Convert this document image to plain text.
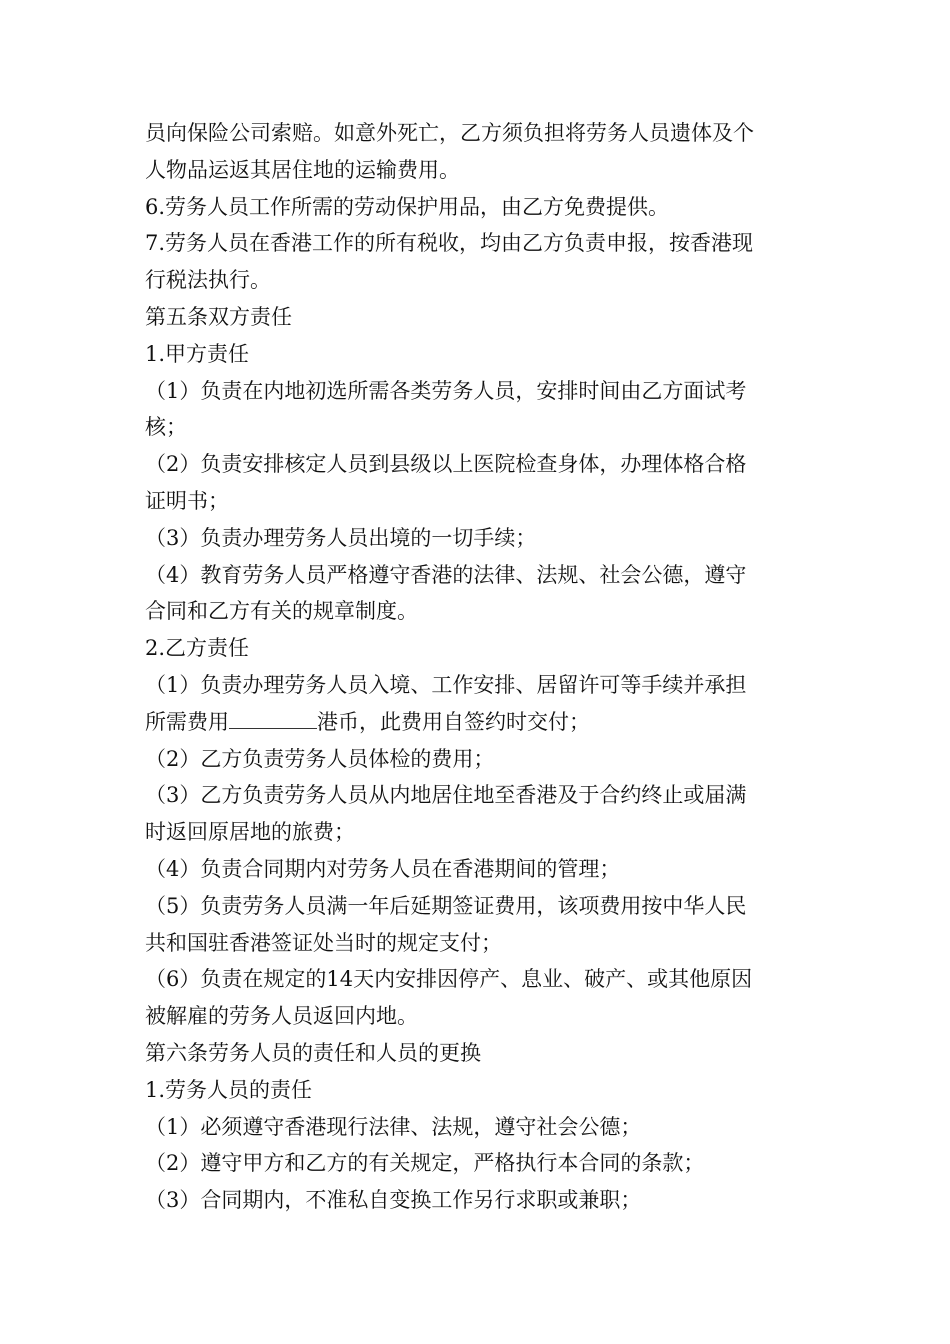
员向保险公司索赔。如意外死亡，乙方须负担将劳务人员遗体及个
人物品运返其居住地的运输费用。
6.劳务人员工作所需的劳动保护用品，由乙方免费提供。
7.劳务人员在香港工作的所有税收，均由乙方负责申报，按香港现
行税法执行。
第五条双方责任
1.甲方责任
（1）负责在内地初选所需各类劳务人员，安排时间由乙方面试考
核；
（2）负责安排核定人员到县级以上医院检查身体，办理体格合格
证明书；
（3）负责办理劳务人员出境的一切手续；
（4）教育劳务人员严格遵守香港的法律、法规、社会公德，遵守
合同和乙方有关的规章制度。
2.乙方责任
（1）负责办理劳务人员入境、工作安排、居留许可等手续并承担
所需费用	港币，此费用自签约时交付；
（2）乙方负责劳务人员体检的费用；
（3）乙方负责劳务人员从内地居住地至香港及于合约终止或届满
时返回原居地的旅费；
（4）负责合同期内对劳务人员在香港期间的管理；
（5）负责劳务人员满一年后延期签证费用，该项费用按中华人民
共和国驻香港签证处当时的规定支付；
（6）负责在规定的14天内安排因停产、息业、破产、或其他原因
被解雇的劳务人员返回内地。
第六条劳务人员的责任和人员的更换
1.劳务人员的责任
（1）必须遵守香港现行法律、法规，遵守社会公德；
（2）遵守甲方和乙方的有关规定，严格执行本合同的条款；
（3）合同期内，不准私自变换工作另行求职或兼职；
